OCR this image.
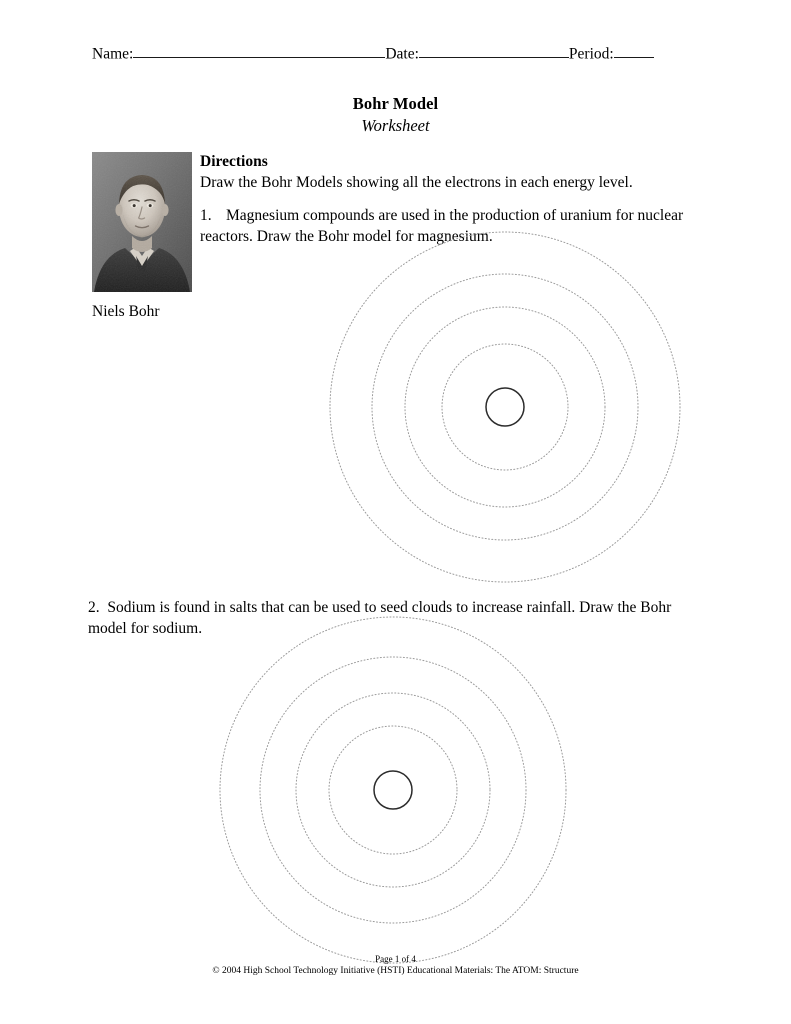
Name:	Date:	Period:
Bohr Model
Worksheet
Niels Bohr
Directions
Draw the Bohr Models showing all the electrons in each energy level.
1. Magnesium compounds are used in the production of uranium for nuclear reactors. Draw the Bohr model for magnesium.
2. Sodium is found in salts that can be used to seed clouds to increase rainfall. Draw the Bohr model for sodium.
Page 1 of 4
© 2004 High School Technology Initiative (HSTI) Educational Materials: The ATOM: Structure
